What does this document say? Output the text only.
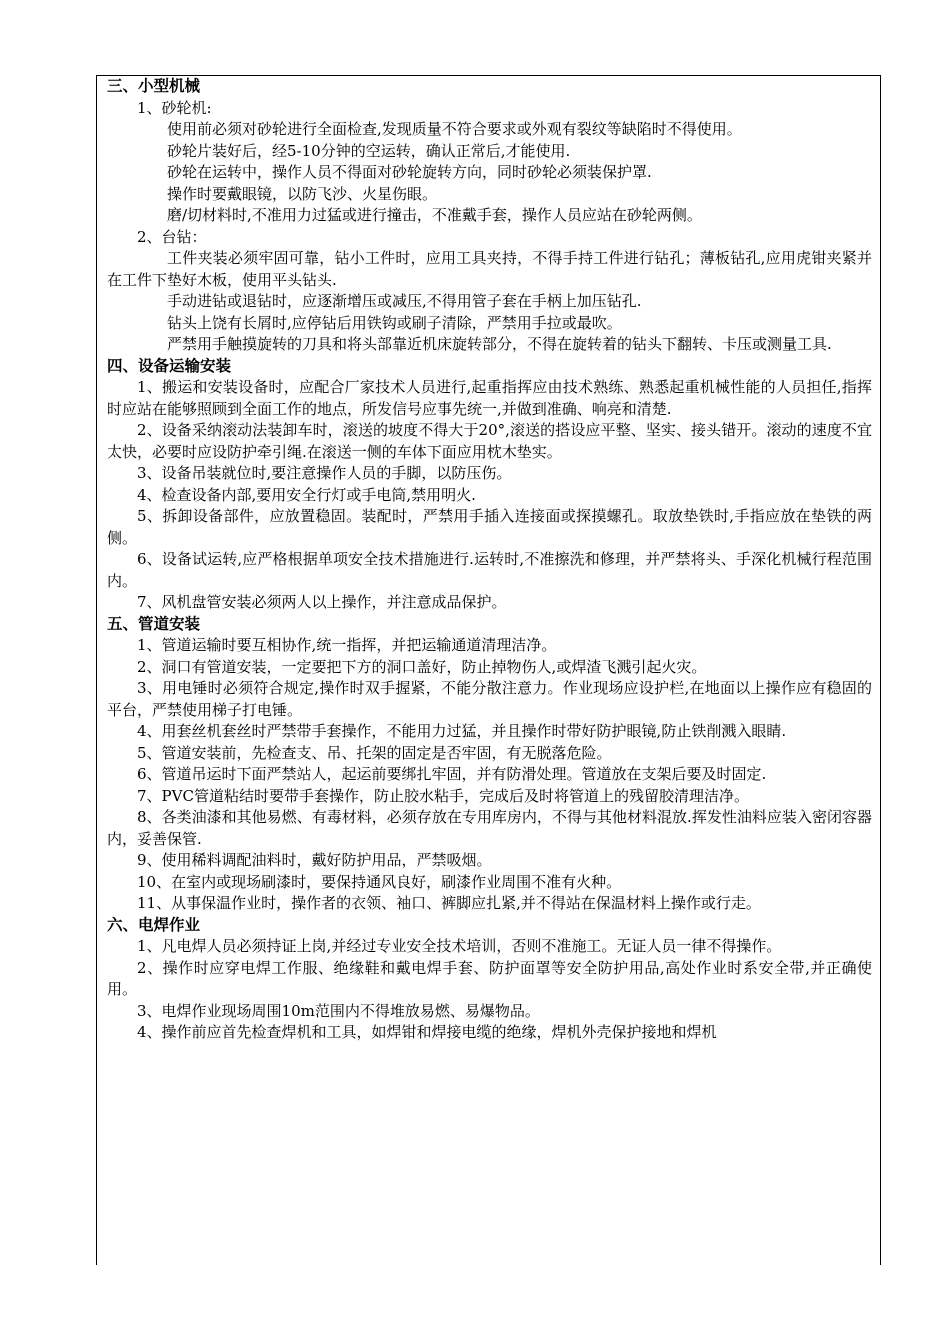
三、小型机械

1、砂轮机:

使用前必须对砂轮进行全面检查,发现质量不符合要求或外观有裂纹等缺陷时不得使用。

砂轮片装好后，经5-10分钟的空运转，确认正常后,才能使用.

砂轮在运转中，操作人员不得面对砂轮旋转方向，同时砂轮必须装保护罩.

操作时要戴眼镜，以防飞沙、火星伤眼。

磨/切材料时,不准用力过猛或进行撞击，不准戴手套，操作人员应站在砂轮两侧。

2、台钻：

工件夹装必须牢固可靠，钻小工件时，应用工具夹持，不得手持工件进行钻孔；薄板钻孔,应用虎钳夹紧并在工件下垫好木板，使用平头钻头.

手动进钻或退钻时，应逐渐增压或减压,不得用管子套在手柄上加压钻孔.

钻头上饶有长屑时,应停钻后用铁钩或刷子清除，严禁用手拉或最吹。

严禁用手触摸旋转的刀具和将头部靠近机床旋转部分，不得在旋转着的钻头下翻转、卡压或测量工具.

四、设备运输安装

1、搬运和安装设备时，应配合厂家技术人员进行,起重指挥应由技术熟练、熟悉起重机械性能的人员担任,指挥时应站在能够照顾到全面工作的地点，所发信号应事先统一,并做到准确、响亮和清楚.

2、设备采纳滚动法装卸车时，滚送的坡度不得大于20°,滚送的搭设应平整、坚实、接头错开。滚动的速度不宜太快，必要时应设防护牵引绳.在滚送一侧的车体下面应用枕木垫实。

3、设备吊装就位时,要注意操作人员的手脚，以防压伤。

4、检查设备内部,要用安全行灯或手电筒,禁用明火.

5、拆卸设备部件，应放置稳固。装配时，严禁用手插入连接面或探摸螺孔。取放垫铁时,手指应放在垫铁的两侧。

6、设备试运转,应严格根据单项安全技术措施进行.运转时,不准擦洗和修理，并严禁将头、手深化机械行程范围内。

7、风机盘管安装必须两人以上操作，并注意成品保护。

五、管道安装

1、管道运输时要互相协作,统一指挥，并把运输通道清理洁净。

2、洞口有管道安装，一定要把下方的洞口盖好，防止掉物伤人,或焊渣飞溅引起火灾。

3、用电锤时必须符合规定,操作时双手握紧，不能分散注意力。作业现场应设护栏,在地面以上操作应有稳固的平台，严禁使用梯子打电锤。

4、用套丝机套丝时严禁带手套操作，不能用力过猛，并且操作时带好防护眼镜,防止铁削溅入眼睛.

5、管道安装前，先检查支、吊、托架的固定是否牢固，有无脱落危险。

6、管道吊运时下面严禁站人，起运前要绑扎牢固，并有防滑处理。管道放在支架后要及时固定.

7、PVC管道粘结时要带手套操作，防止胶水粘手，完成后及时将管道上的残留胶清理洁净。

8、各类油漆和其他易燃、有毒材料，必须存放在专用库房内，不得与其他材料混放.挥发性油料应装入密闭容器内，妥善保管.

9、使用稀料调配油料时，戴好防护用品，严禁吸烟。

10、在室内或现场刷漆时，要保持通风良好，刷漆作业周围不准有火种。

11、从事保温作业时，操作者的衣领、袖口、裤脚应扎紧,并不得站在保温材料上操作或行走。

六、电焊作业

1、凡电焊人员必须持证上岗,并经过专业安全技术培训，否则不准施工。无证人员一律不得操作。

2、操作时应穿电焊工作服、绝缘鞋和戴电焊手套、防护面罩等安全防护用品,高处作业时系安全带,并正确使用。

3、电焊作业现场周围10m范围内不得堆放易燃、易爆物品。

4、操作前应首先检查焊机和工具，如焊钳和焊接电缆的绝缘，焊机外壳保护接地和焊机
